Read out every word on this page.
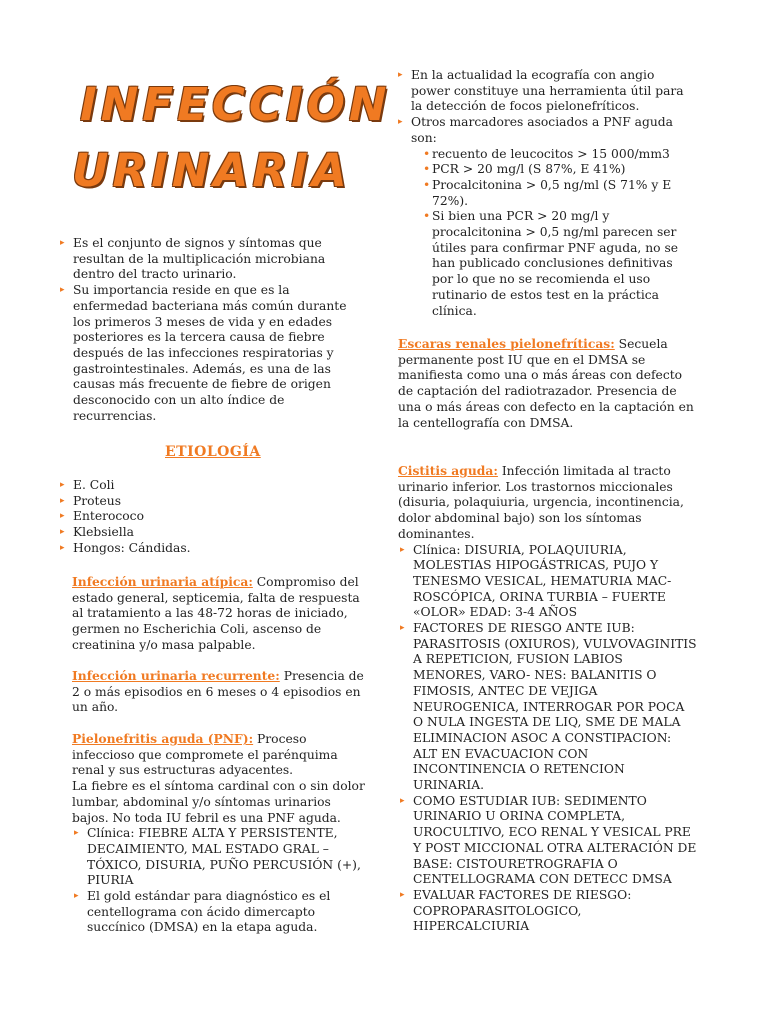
INFECCIÓN
URINARIA
▸ Es el conjunto de signos y síntomas que resultan de la multiplicación microbiana dentro del tracto urinario.
▸ Su importancia reside en que es la enfermedad bacteriana más común durante los primeros 3 meses de vida y en edades posteriores es la tercera causa de fiebre después de las infecciones respiratorias y gastrointestinales. Además, es una de las causas más frecuente de fiebre de origen desconocido con un alto índice de recurrencias.
ETIOLOGÍA
▸ E. Coli
▸ Proteus
▸ Enterococo
▸ Klebsiella
▸ Hongos: Cándidas.

Infección urinaria atípica: Compromiso del estado general, septicemia, falta de respuesta al tratamiento a las 48-72 horas de iniciado, germen no Escherichia Coli, ascenso de creatinina y/o masa palpable.

Infección urinaria recurrente: Presencia de 2 o más episodios en 6 meses o 4 episodios en un año.

Pielonefritis aguda (PNF): Proceso infeccioso que compromete el parénquima renal y sus estructuras adyacentes.

La fiebre es el síntoma cardinal con o sin dolor lumbar, abdominal y/o síntomas urinarios bajos. No toda IU febril es una PNF aguda.

▸ Clínica: FIEBRE ALTA Y PERSISTENTE, DECAIMIENTO, MAL ESTADO GRAL – TÓXICO, DISURIA, PUÑO PERCUSIÓN (+), PIURIA
▸ El gold estándar para diagnóstico es el centellograma con ácido dimercapto succínico (DMSA) en la etapa aguda.
▸ En la actualidad la ecografía con angio power constituye una herramienta útil para la detección de focos pielonefríticos.
▸ Otros marcadores asociados a PNF aguda son:
• recuento de leucocitos > 15 000/mm3
• PCR > 20 mg/l (S 87%, E 41%)
• Procalcitonina > 0,5 ng/ml (S 71% y E 72%).
• Si bien una PCR > 20 mg/l y procalcitonina > 0,5 ng/ml parecen ser útiles para confirmar PNF aguda, no se han publicado conclusiones definitivas por lo que no se recomienda el uso rutinario de estos test en la práctica clínica.

Escaras renales pielonefríticas: Secuela permanente post IU que en el DMSA se manifiesta como una o más áreas con defecto de captación del radiotrazador. Presencia de una o más áreas con defecto en la captación en la centellografía con DMSA.

Cistitis aguda: Infección limitada al tracto urinario inferior. Los trastornos miccionales (disuria, polaquiuria, urgencia, incontinencia, dolor abdominal bajo) son los síntomas dominantes.

▸ Clínica: DISURIA, POLAQUIURIA, MOLESTIAS HIPOGÁSTRICAS, PUJO Y TENESMO VESICAL, HEMATURIA MAC- ROSCÓPICA, ORINA TURBIA – FUERTE «OLOR» EDAD: 3-4 AÑOS
▸ FACTORES DE RIESGO ANTE IUB: PARASITOSIS (OXIUROS), VULVOVAGINITIS A REPETICION, FUSION LABIOS MENORES, VARO- NES: BALANITIS O FIMOSIS, ANTEC DE VEJIGA NEUROGENICA, INTERROGAR POR POCA O NULA INGESTA DE LIQ, SME DE MALA ELIMINACION ASOC A CONSTIPACION: ALT EN EVACUACION CON INCONTINENCIA O RETENCION URINARIA.
▸ COMO ESTUDIAR IUB: SEDIMENTO URINARIO U ORINA COMPLETA, UROCULTIVO, ECO RENAL Y VESICAL PRE Y POST MICCIONAL OTRA ALTERACIÓN DE BASE: CISTOURETROGRAFIA O CENTELLOGRAMA CON DETECC DMSA
▸ EVALUAR FACTORES DE RIESGO: COPROPARASITOLOGICO, HIPERCALCIURIA
